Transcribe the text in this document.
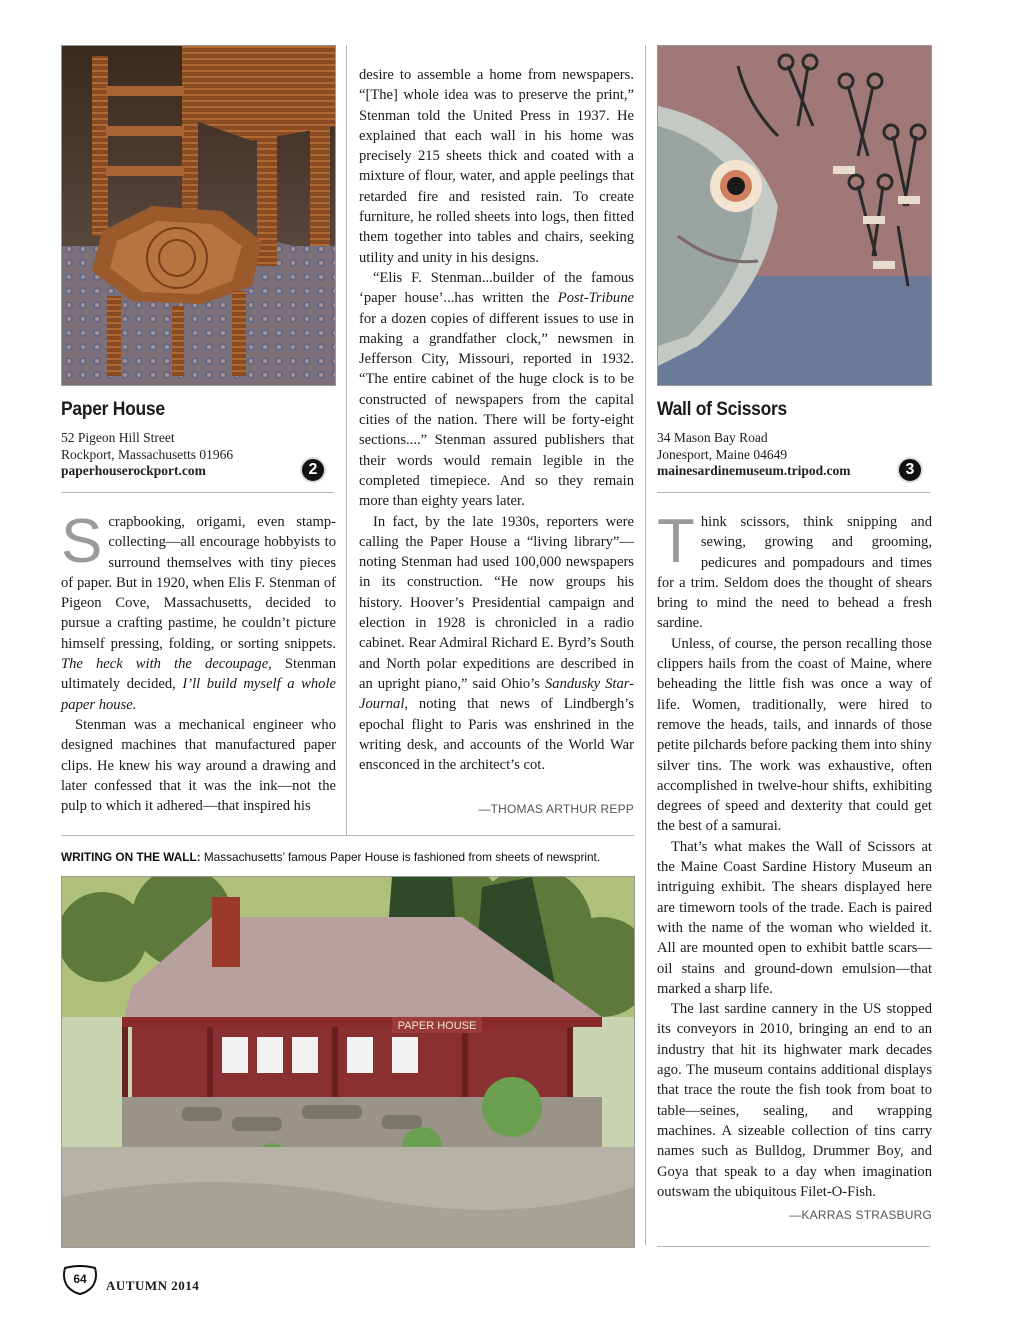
Paper House
52 Pigeon Hill Street
Rockport, Massachusetts 01966
paperhouserockport.com	2
Wall of Scissors
34 Mason Bay Road
Jonesport, Maine 04649
mainesardinemuseum.tripod.com	3

Scrapbooking, origami, even stamp-collecting—all encourage hobbyists to surround themselves with tiny pieces of paper. But in 1920, when Elis F. Stenman of Pigeon Cove, Massachusetts, decided to pursue a crafting pastime, he couldn’t picture himself pressing, folding, or sorting snippets. The heck with the decoupage, Stenman ultimately decided, I’ll build myself a whole paper house.

Stenman was a mechanical engineer who designed machines that manufactured paper clips. He knew his way around a drawing and later confessed that it was the ink—not the pulp to which it adhered—that inspired his

desire to assemble a home from newspapers. “[The] whole idea was to preserve the print,” Stenman told the United Press in 1937. He explained that each wall in his home was precisely 215 sheets thick and coated with a mixture of flour, water, and apple peelings that retarded fire and resisted rain. To create furniture, he rolled sheets into logs, then fitted them together into tables and chairs, seeking utility and unity in his designs.

“Elis F. Stenman...builder of the famous ‘paper house’...has written the Post-Tribune for a dozen copies of different issues to use in making a grandfather clock,” newsmen in Jefferson City, Missouri, reported in 1932. “The entire cabinet of the huge clock is to be constructed of newspapers from the capital cities of the nation. There will be forty-eight sections....” Stenman assured publishers that their words would remain legible in the completed timepiece. And so they remain more than eighty years later.

In fact, by the late 1930s, reporters were calling the Paper House a “living library”—noting Stenman had used 100,000 newspapers in its construction. “He now groups his history. Hoover’s Presidential campaign and election in 1928 is chronicled in a radio cabinet. Rear Admiral Richard E. Byrd’s South and North polar expeditions are described in an upright piano,” said Ohio’s Sandusky Star-Journal, noting that news of Lindbergh’s epochal flight to Paris was enshrined in the writing desk, and accounts of the World War ensconced in the architect’s cot.

—THOMAS ARTHUR REPP
WRITING ON THE WALL: Massachusetts’ famous Paper House is fashioned from sheets of newsprint.
PAPER HOUSE

Think scissors, think snipping and sewing, growing and grooming, pedicures and pompadours and times for a trim. Seldom does the thought of shears bring to mind the need to behead a fresh sardine.

Unless, of course, the person recalling those clippers hails from the coast of Maine, where beheading the little fish was once a way of life. Women, traditionally, were hired to remove the heads, tails, and innards of those petite pilchards before packing them into shiny silver tins. The work was exhaustive, often accomplished in twelve-hour shifts, exhibiting degrees of speed and dexterity that could get the best of a samurai.

That’s what makes the Wall of Scissors at the Maine Coast Sardine History Museum an intriguing exhibit. The shears displayed here are timeworn tools of the trade. Each is paired with the name of the woman who wielded it. All are mounted open to exhibit battle scars—oil stains and ground-down emulsion—that marked a sharp life.

The last sardine cannery in the US stopped its conveyors in 2010, bringing an end to an industry that hit its highwater mark decades ago. The museum contains additional displays that trace the route the fish took from boat to table—seines, sealing, and wrapping machines. A sizeable collection of tins carry names such as Bulldog, Drummer Boy, and Goya that speak to a day when imagination outswam the ubiquitous Filet-O-Fish.

—KARRAS STRASBURG
64	AUTUMN 2014
